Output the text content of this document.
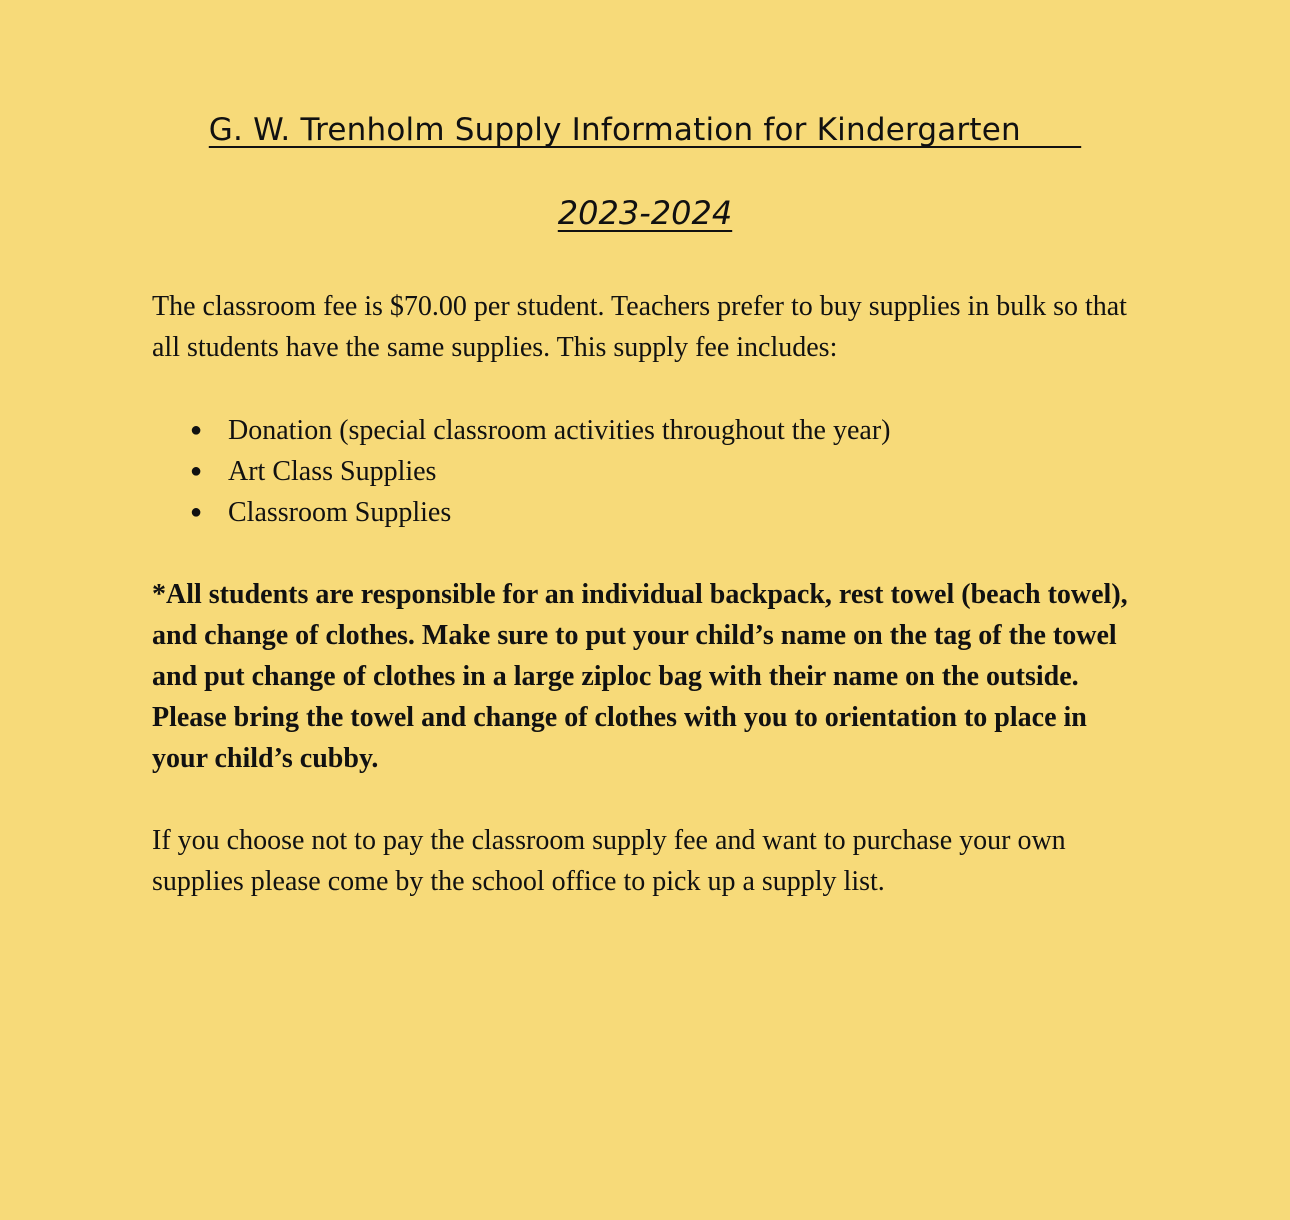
G. W. Trenholm Supply Information for Kindergarten
2023-2024

The classroom fee is $70.00 per student. Teachers prefer to buy supplies in bulk so that all students have the same supplies. This supply fee includes:

● Donation (special classroom activities throughout the year)
● Art Class Supplies
● Classroom Supplies

*All students are responsible for an individual backpack, rest towel (beach towel), and change of clothes. Make sure to put your child’s name on the tag of the towel and put change of clothes in a large ziploc bag with their name on the outside. Please bring the towel and change of clothes with you to orientation to place in your child’s cubby.

If you choose not to pay the classroom supply fee and want to purchase your own supplies please come by the school office to pick up a supply list.
